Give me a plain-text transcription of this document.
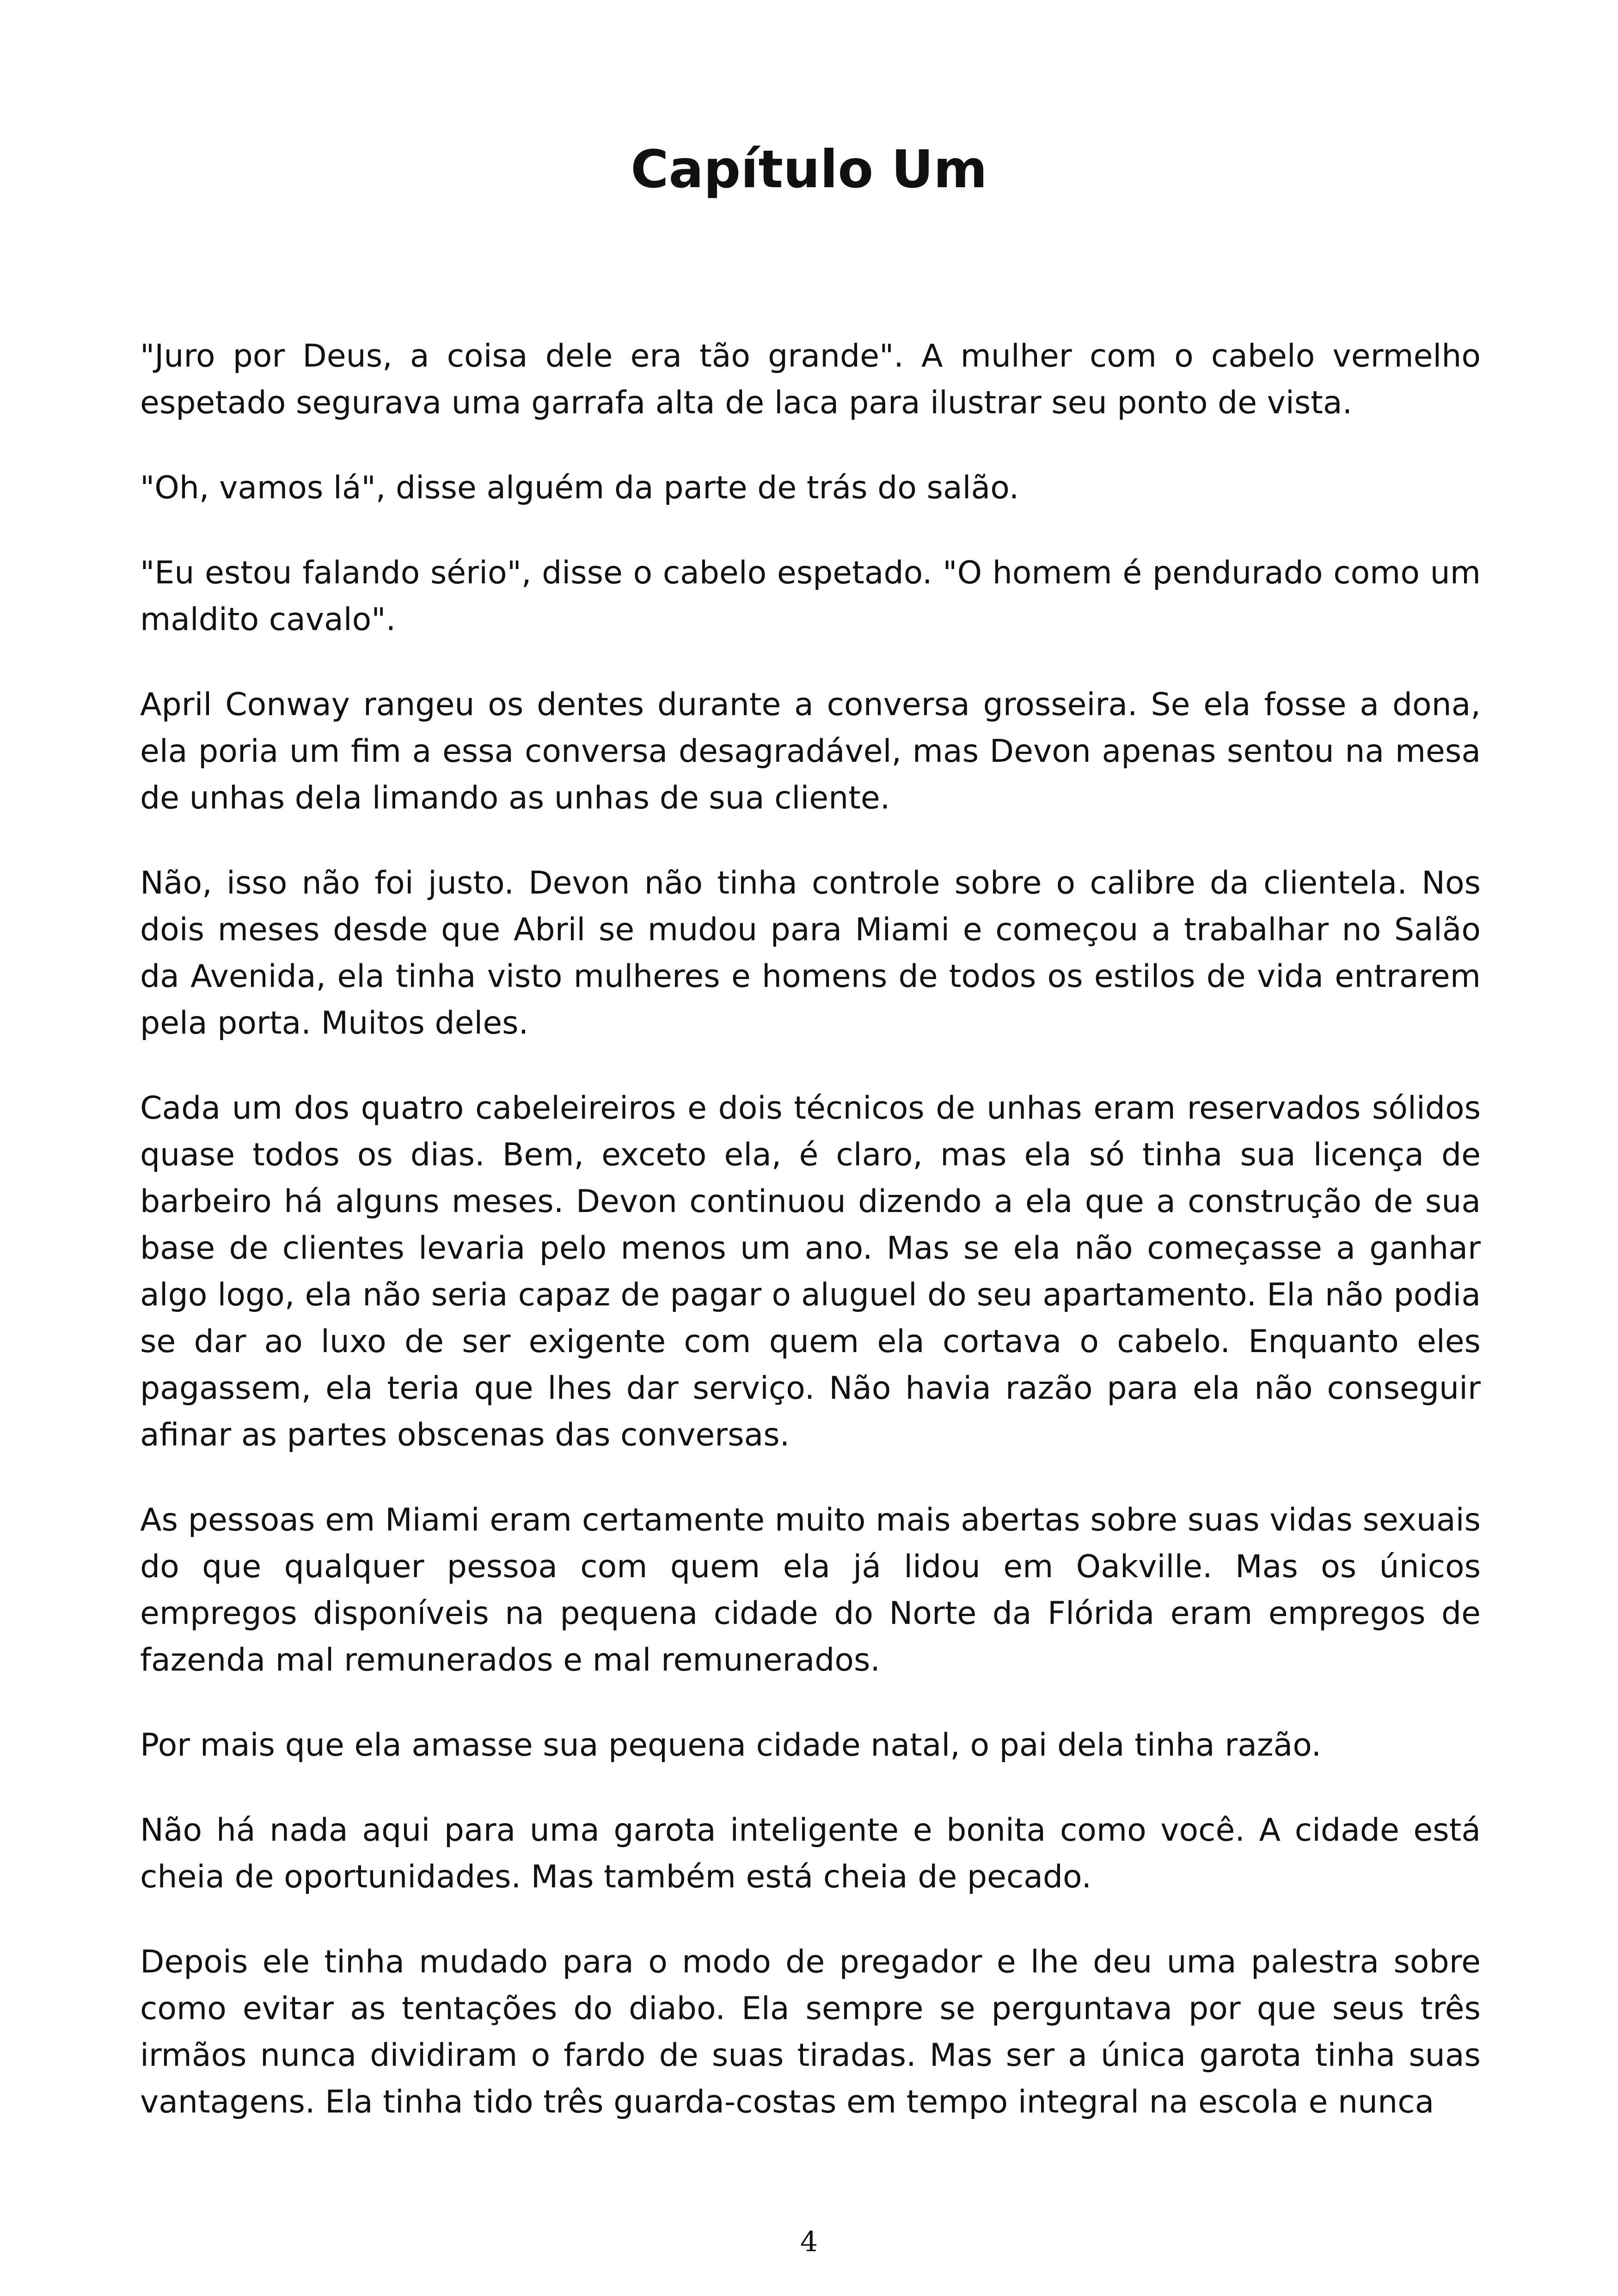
Capítulo Um

"Juro por Deus, a coisa dele era tão grande". A mulher com o cabelo vermelho espetado segurava uma garrafa alta de laca para ilustrar seu ponto de vista.

"Oh, vamos lá", disse alguém da parte de trás do salão.

"Eu estou falando sério", disse o cabelo espetado. "O homem é pendurado como um maldito cavalo".

April Conway rangeu os dentes durante a conversa grosseira. Se ela fosse a dona, ela poria um fim a essa conversa desagradável, mas Devon apenas sentou na mesa de unhas dela limando as unhas de sua cliente.

Não, isso não foi justo. Devon não tinha controle sobre o calibre da clientela. Nos dois meses desde que Abril se mudou para Miami e começou a trabalhar no Salão da Avenida, ela tinha visto mulheres e homens de todos os estilos de vida entrarem pela porta. Muitos deles.

Cada um dos quatro cabeleireiros e dois técnicos de unhas eram reservados sólidos quase todos os dias. Bem, exceto ela, é claro, mas ela só tinha sua licença de barbeiro há alguns meses. Devon continuou dizendo a ela que a construção de sua base de clientes levaria pelo menos um ano. Mas se ela não começasse a ganhar algo logo, ela não seria capaz de pagar o aluguel do seu apartamento. Ela não podia se dar ao luxo de ser exigente com quem ela cortava o cabelo. Enquanto eles pagassem, ela teria que lhes dar serviço. Não havia razão para ela não conseguir afinar as partes obscenas das conversas.

As pessoas em Miami eram certamente muito mais abertas sobre suas vidas sexuais do que qualquer pessoa com quem ela já lidou em Oakville. Mas os únicos empregos disponíveis na pequena cidade do Norte da Flórida eram empregos de fazenda mal remunerados e mal remunerados.

Por mais que ela amasse sua pequena cidade natal, o pai dela tinha razão.

Não há nada aqui para uma garota inteligente e bonita como você. A cidade está cheia de oportunidades. Mas também está cheia de pecado.

Depois ele tinha mudado para o modo de pregador e lhe deu uma palestra sobre como evitar as tentações do diabo. Ela sempre se perguntava por que seus três irmãos nunca dividiram o fardo de suas tiradas. Mas ser a única garota tinha suas vantagens. Ela tinha tido três guarda-costas em tempo integral na escola e nunca

4
